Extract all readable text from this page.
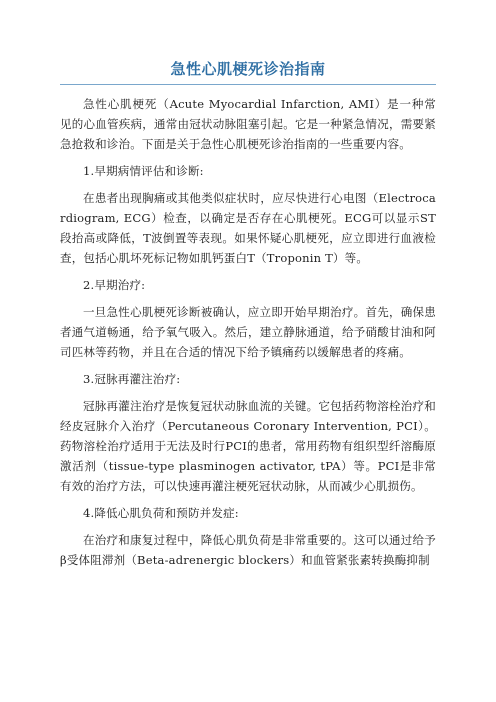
急性心肌梗死诊治指南

急性心肌梗死（Acute Myocardial Infarction, AMI）是一种常见的心血管疾病，通常由冠状动脉阻塞引起。它是一种紧急情况，需要紧急抢救和诊治。下面是关于急性心肌梗死诊治指南的一些重要内容。

1.早期病情评估和诊断:

在患者出现胸痛或其他类似症状时，应尽快进行心电图（Electrocardiogram, ECG）检查，以确定是否存在心肌梗死。ECG可以显示ST段抬高或降低，T波倒置等表现。如果怀疑心肌梗死，应立即进行血液检查，包括心肌坏死标记物如肌钙蛋白T（Troponin T）等。

2.早期治疗:

一旦急性心肌梗死诊断被确认，应立即开始早期治疗。首先，确保患者通气道畅通，给予氧气吸入。然后，建立静脉通道，给予硝酸甘油和阿司匹林等药物，并且在合适的情况下给予镇痛药以缓解患者的疼痛。

3.冠脉再灌注治疗:

冠脉再灌注治疗是恢复冠状动脉血流的关键。它包括药物溶栓治疗和经皮冠脉介入治疗（Percutaneous Coronary Intervention, PCI）。药物溶栓治疗适用于无法及时行PCI的患者，常用药物有组织型纤溶酶原激活剂（tissue-type plasminogen activator, tPA）等。PCI是非常有效的治疗方法，可以快速再灌注梗死冠状动脉，从而减少心肌损伤。

4.降低心肌负荷和预防并发症:

在治疗和康复过程中，降低心肌负荷是非常重要的。这可以通过给予β受体阻滞剂（Beta-adrenergic blockers）和血管紧张素转换酶抑制
